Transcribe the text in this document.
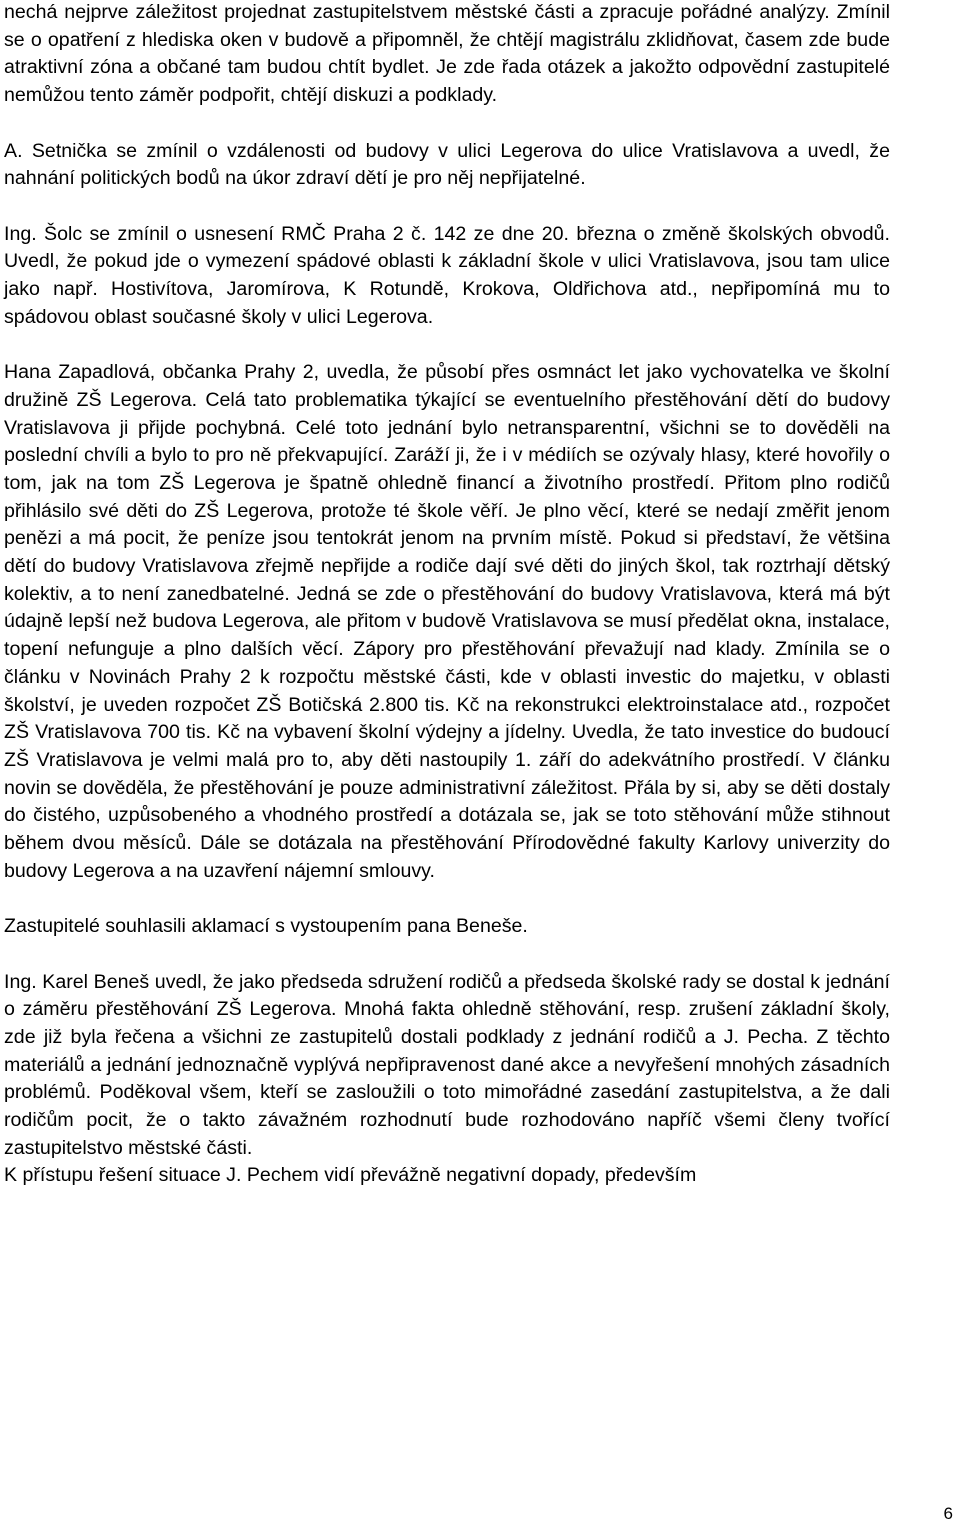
nechá nejprve záležitost projednat zastupitelstvem městské části a zpracuje pořádné analýzy. Zmínil se o opatření z hlediska oken v budově a připomněl, že chtějí magistrálu zklidňovat, časem zde bude atraktivní zóna a občané tam budou chtít bydlet. Je zde řada otázek a jakožto odpovědní zastupitelé nemůžou tento záměr podpořit, chtějí diskuzi a podklady.

A. Setnička se zmínil o vzdálenosti od budovy v ulici Legerova do ulice Vratislavova a uvedl, že nahnání politických bodů na úkor zdraví dětí je pro něj nepřijatelné.

Ing. Šolc se zmínil o usnesení RMČ Praha 2 č. 142 ze dne 20. března o změně školských obvodů. Uvedl, že pokud jde o vymezení spádové oblasti k základní škole v ulici Vratislavova, jsou tam ulice jako např. Hostivítova, Jaromírova, K Rotundě, Krokova, Oldřichova atd., nepřipomíná mu to spádovou oblast současné školy v ulici Legerova.

Hana Zapadlová, občanka Prahy 2, uvedla, že působí přes osmnáct let jako vychovatelka ve školní družině ZŠ Legerova. Celá tato problematika týkající se eventuelního přestěhování dětí do budovy Vratislavova ji přijde pochybná. Celé toto jednání bylo netransparentní, všichni se to dověděli na poslední chvíli a bylo to pro ně překvapující. Zaráží ji, že i v médiích se ozývaly hlasy, které hovořily o tom, jak na tom ZŠ Legerova je špatně ohledně financí a životního prostředí. Přitom plno rodičů přihlásilo své děti do ZŠ Legerova, protože té škole věří. Je plno věcí, které se nedají změřit jenom penězi a má pocit, že peníze jsou tentokrát jenom na prvním místě. Pokud si představí, že většina dětí do budovy Vratislavova zřejmě nepřijde a rodiče dají své děti do jiných škol, tak roztrhají dětský kolektiv, a to není zanedbatelné. Jedná se zde o přestěhování do budovy Vratislavova, která má být údajně lepší než budova Legerova, ale přitom v budově Vratislavova se musí předělat okna, instalace, topení nefunguje a plno dalších věcí. Zápory pro přestěhování převažují nad klady. Zmínila se o článku v Novinách Prahy 2 k rozpočtu městské části, kde v oblasti investic do majetku, v oblasti školství, je uveden rozpočet ZŠ Botičská 2.800 tis. Kč na rekonstrukci elektroinstalace atd., rozpočet ZŠ Vratislavova 700 tis. Kč na vybavení školní výdejny a jídelny. Uvedla, že tato investice do budoucí ZŠ Vratislavova je velmi malá pro to, aby děti nastoupily 1. září do adekvátního prostředí. V článku novin se dověděla, že přestěhování je pouze administrativní záležitost. Přála by si, aby se děti dostaly do čistého, uzpůsobeného a vhodného prostředí a dotázala se, jak se toto stěhování může stihnout během dvou měsíců. Dále se dotázala na přestěhování Přírodovědné fakulty Karlovy univerzity do budovy Legerova a na uzavření nájemní smlouvy.

Zastupitelé souhlasili aklamací s vystoupením pana Beneše.

Ing. Karel Beneš uvedl, že jako předseda sdružení rodičů a předseda školské rady se dostal k jednání o záměru přestěhování ZŠ Legerova. Mnohá fakta ohledně stěhování, resp. zrušení základní školy, zde již byla řečena a všichni ze zastupitelů dostali podklady z jednání rodičů a J. Pecha. Z těchto materiálů a jednání jednoznačně vyplývá nepřipravenost dané akce a nevyřešení mnohých zásadních problémů. Poděkoval všem, kteří se zasloužili o toto mimořádné zasedání zastupitelstva, a že dali rodičům pocit, že o takto závažném rozhodnutí bude rozhodováno napříč všemi členy tvořící zastupitelstvo městské části.

K přístupu řešení situace J. Pechem vidí převážně negativní dopady, především

6
